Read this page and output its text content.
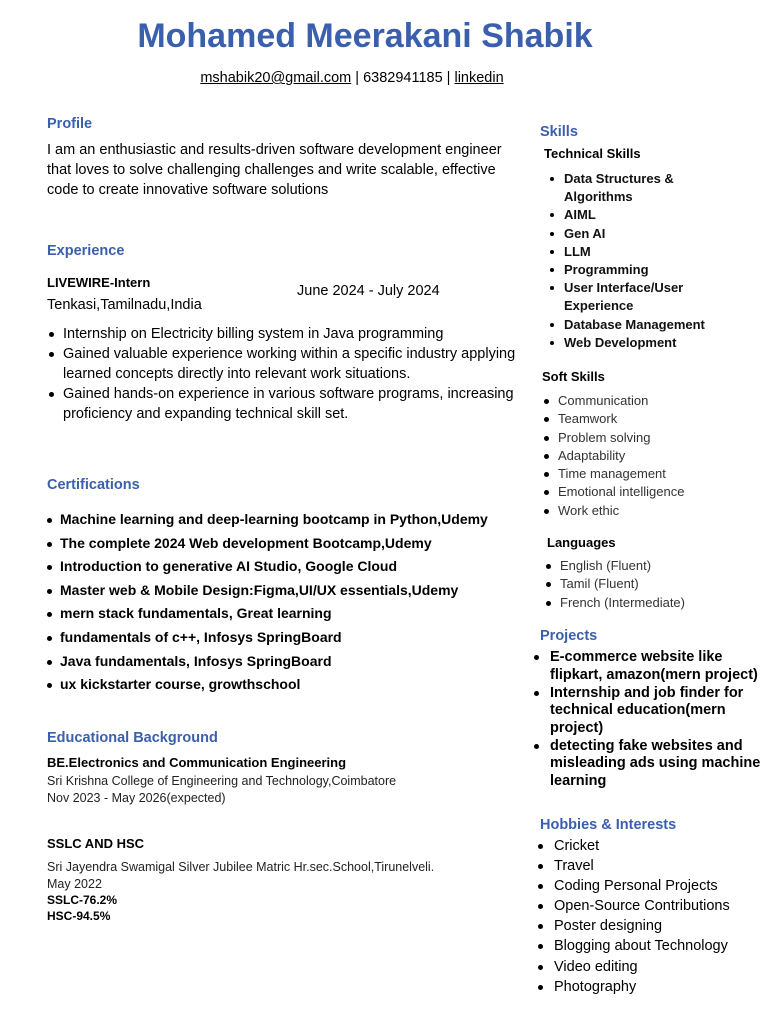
Mohamed Meerakani Shabik
mshabik20@gmail.com | 6382941185 | linkedin
Profile
I am an enthusiastic and results-driven software development engineer that loves to solve challenging challenges and write scalable, effective code to create innovative software solutions
Experience
LIVEWIRE-Intern
Tenkasi,Tamilnadu,India
June 2024 - July 2024
Internship on Electricity billing system in Java programming
Gained valuable experience working within a specific industry applying learned concepts directly into relevant work situations.
Gained hands-on experience in various software programs, increasing proficiency and expanding technical skill set.
Certifications
Machine learning and deep-learning bootcamp in Python,Udemy
The complete 2024 Web development Bootcamp,Udemy
Introduction to generative AI Studio, Google Cloud
Master web & Mobile Design:Figma,UI/UX essentials,Udemy
mern stack fundamentals, Great learning
fundamentals of c++, Infosys SpringBoard
Java fundamentals, Infosys SpringBoard
ux kickstarter course, growthschool
Educational Background
BE.Electronics and Communication Engineering
Sri Krishna College of Engineering and Technology,Coimbatore
Nov 2023 - May 2026(expected)
SSLC AND HSC
Sri Jayendra Swamigal Silver Jubilee Matric Hr.sec.School,Tirunelveli.
May 2022
SSLC-76.2%
HSC-94.5%
Skills
Technical Skills
Data Structures & Algorithms
AIML
Gen AI
LLM
Programming
User Interface/User Experience
Database Management
Web Development
Soft Skills
Communication
Teamwork
Problem solving
Adaptability
Time management
Emotional intelligence
Work ethic
Languages
English (Fluent)
Tamil (Fluent)
French (Intermediate)
Projects
E-commerce website like flipkart, amazon(mern project)
Internship and job finder for technical education(mern project)
detecting fake websites and misleading ads using machine learning
Hobbies & Interests
Cricket
Travel
Coding Personal Projects
Open-Source Contributions
Poster designing
Blogging about Technology
Video editing
Photography
